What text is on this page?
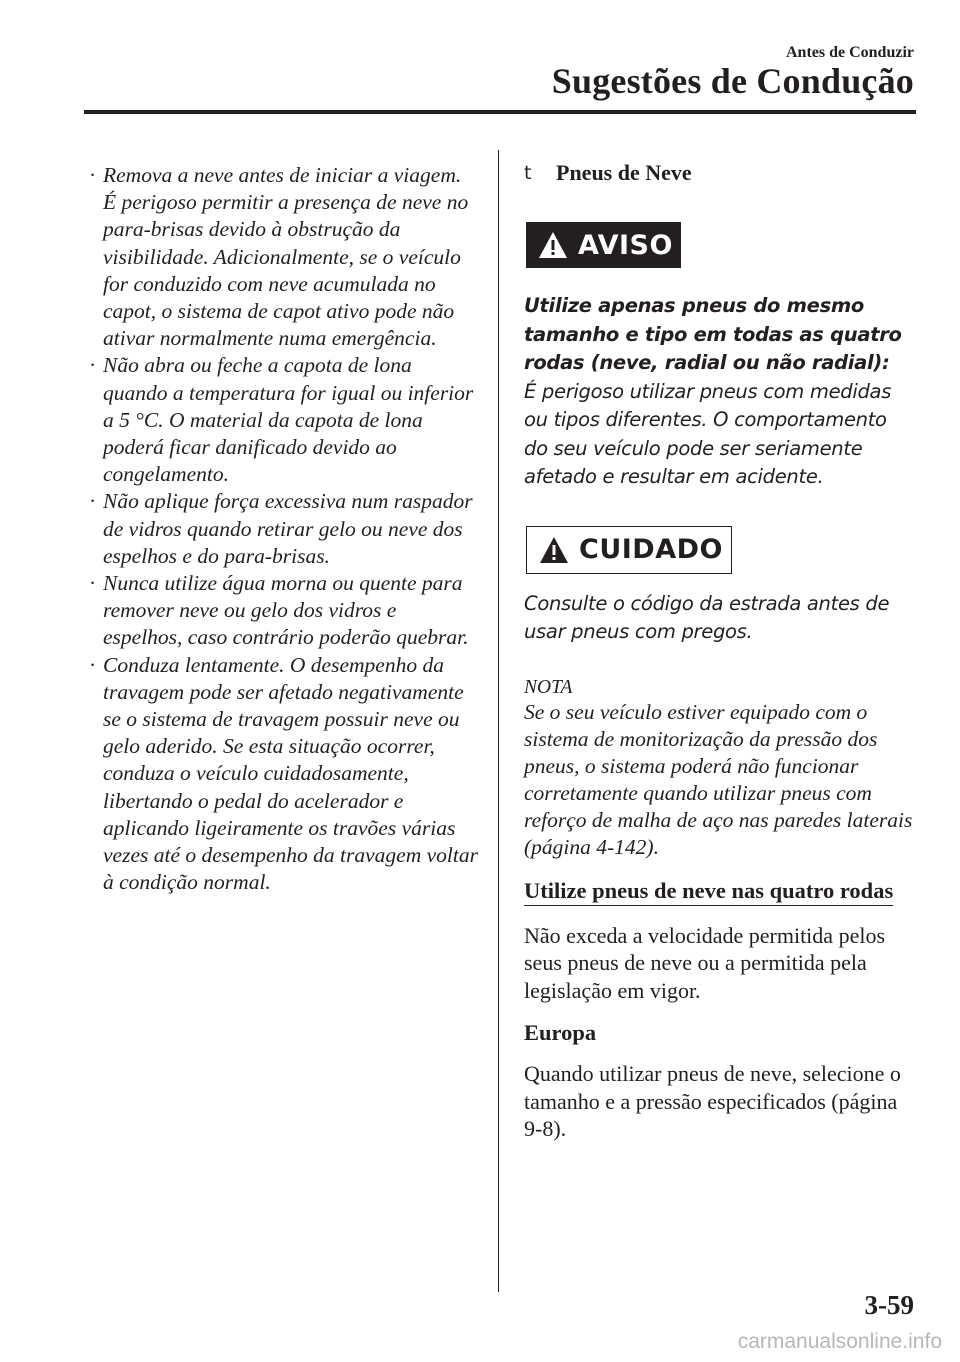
Antes de Conduzir
Sugestões de Condução
· Remova a neve antes de iniciar a viagem. É perigoso permitir a presença de neve no para-brisas devido à obstrução da visibilidade. Adicionalmente, se o veículo for conduzido com neve acumulada no capot, o sistema de capot ativo pode não ativar normalmente numa emergência.
· Não abra ou feche a capota de lona quando a temperatura for igual ou inferior a 5 °C. O material da capota de lona poderá ficar danificado devido ao congelamento.
· Não aplique força excessiva num raspador de vidros quando retirar gelo ou neve dos espelhos e do para-brisas.
· Nunca utilize água morna ou quente para remover neve ou gelo dos vidros e espelhos, caso contrário poderão quebrar.
· Conduza lentamente. O desempenho da travagem pode ser afetado negativamente se o sistema de travagem possuir neve ou gelo aderido. Se esta situação ocorrer, conduza o veículo cuidadosamente, libertando o pedal do acelerador e aplicando ligeiramente os travões várias vezes até o desempenho da travagem voltar à condição normal.
t	Pneus de Neve
AVISO

Utilize apenas pneus do mesmo tamanho e tipo em todas as quatro rodas (neve, radial ou não radial):

É perigoso utilizar pneus com medidas ou tipos diferentes. O comportamento do seu veículo pode ser seriamente afetado e resultar em acidente.

CUIDADO

Consulte o código da estrada antes de usar pneus com pregos.

NOTA

Se o seu veículo estiver equipado com o sistema de monitorização da pressão dos pneus, o sistema poderá não funcionar corretamente quando utilizar pneus com reforço de malha de aço nas paredes laterais (página 4-142).

Utilize pneus de neve nas quatro rodas

Não exceda a velocidade permitida pelos seus pneus de neve ou a permitida pela legislação em vigor.

Europa

Quando utilizar pneus de neve, selecione o tamanho e a pressão especificados (página 9-8).

3-59
carmanualsonline.info
